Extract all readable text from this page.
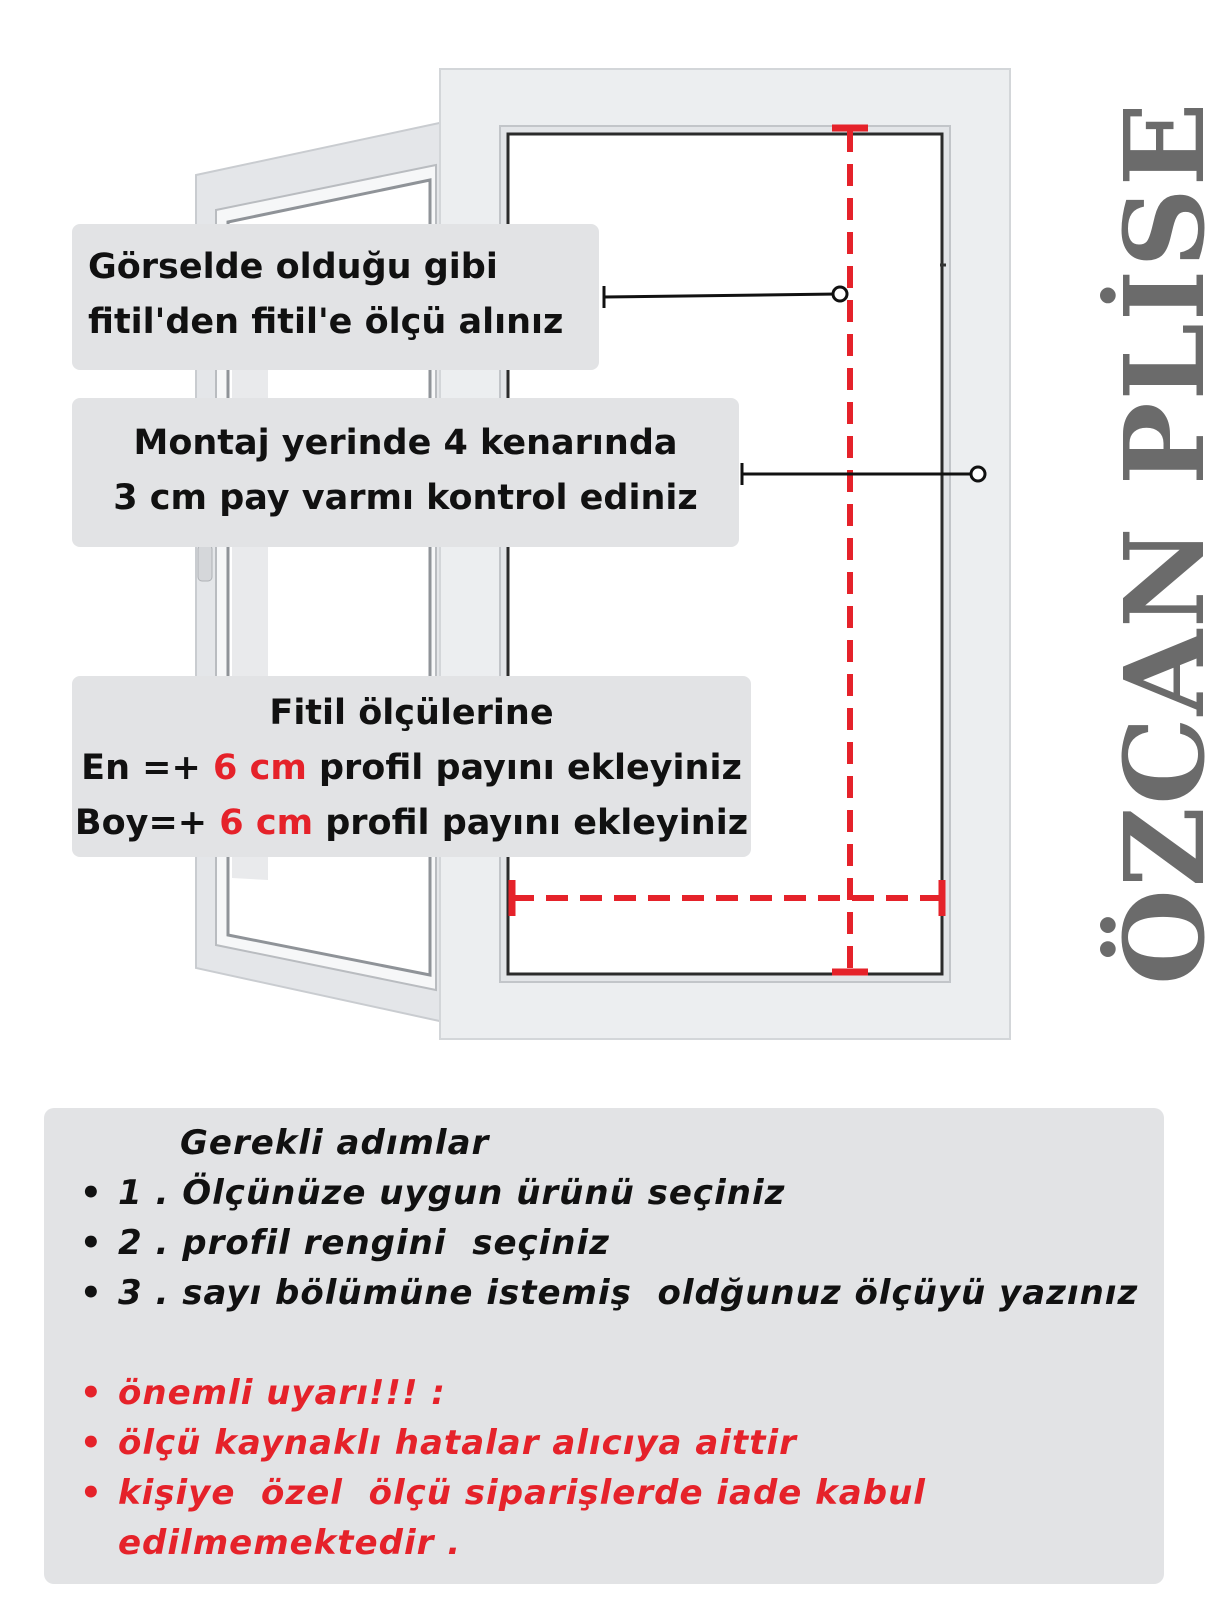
Görselde olduğu gibi
fitil'den fitil'e ölçü alınız
Montaj yerinde 4 kenarında
3 cm pay varmı kontrol ediniz
Fitil ölçülerine
En =+ 6 cm profil payını ekleyiniz
Boy=+ 6 cm profil payını ekleyiniz	ÖZCAN PLİSE
Gerekli adımlar
• 1 . Ölçünüze uygun ürünü seçiniz
• 2 . profil rengini  seçiniz
• 3 . sayı bölümüne istemiş  oldğunuz ölçüyü yazınız
• önemli uyarı!!! :
• ölçü kaynaklı hatalar alıcıya aittir
• kişiye  özel  ölçü siparişlerde iade kabul
edilmemektedir .
